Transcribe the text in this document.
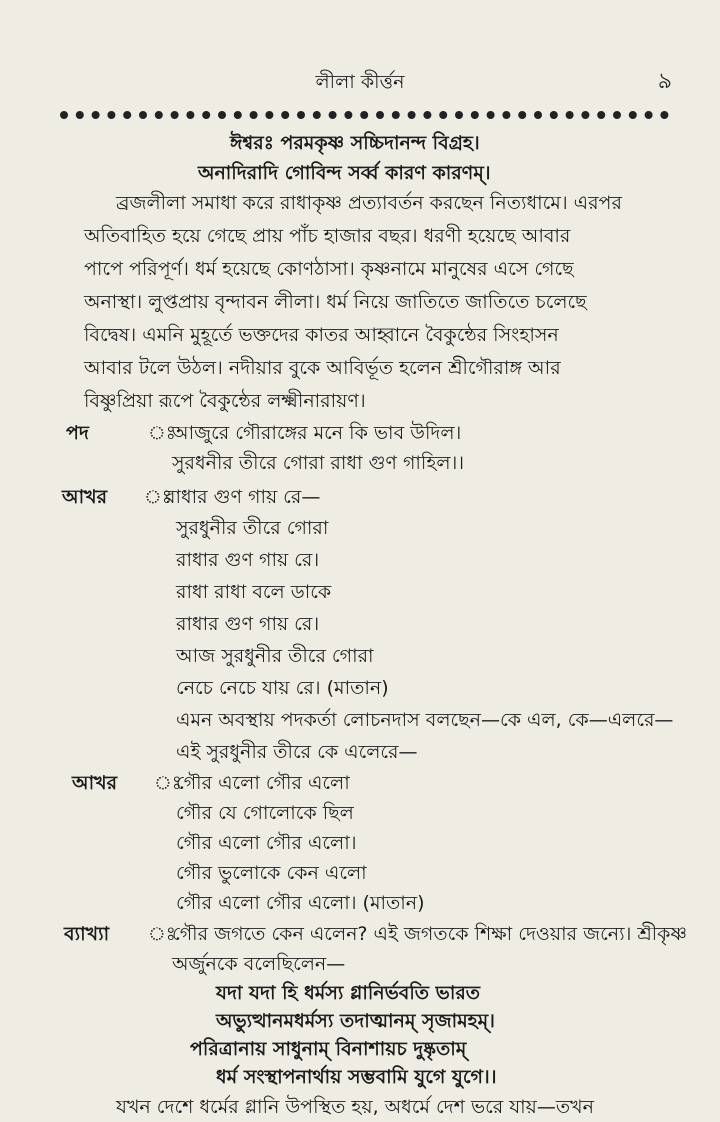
লীলা কীর্ত্তন	৯
ঈশ্বরঃ পরমকৃষ্ণ সচ্চিদানন্দ বিগ্রহ।
অনাদিরাদি গোবিন্দ সর্ব্ব কারণ কারণম্।
ব্রজলীলা সমাধা করে রাধাকৃষ্ণ প্রত্যাবর্তন করছেন নিত্যধামে। এরপর
অতিবাহিত হয়ে গেছে প্রায় পাঁচ হাজার বছর। ধরণী হয়েছে আবার
পাপে পরিপূর্ণ। ধর্ম হয়েছে কোণঠাসা। কৃষ্ণনামে মানুষের এসে গেছে
অনাস্থা। লুপ্তপ্রায় বৃন্দাবন লীলা। ধর্ম নিয়ে জাতিতে জাতিতে চলেছে
বিদ্বেষ। এমনি মুহূর্তে ভক্তদের কাতর আহ্বানে বৈকুন্ঠের সিংহাসন
আবার টলে উঠল। নদীয়ার বুকে আবির্ভূত হলেন শ্রীগৌরাঙ্গ আর
বিষ্ণুপ্রিয়া রূপে বৈকুন্ঠের লক্ষ্মীনারায়ণ।
পদ	ঃ
আজুরে গৌরাঙ্গের মনে কি ভাব উদিল।
সুরধনীর তীরে গোরা রাধা গুণ গাহিল।।
আখর ঃ
রাধার গুণ গায় রে—
সুরধুনীর তীরে গোরা
রাধার গুণ গায় রে।
রাধা রাধা বলে ডাকে
রাধার গুণ গায় রে।
আজ সুরধুনীর তীরে গোরা
নেচে নেচে যায় রে। (মাতান)
এমন অবস্থায় পদকর্তা লোচনদাস বলছেন—কে এল, কে—এলরে—
এই সুরধুনীর তীরে কে এলেরে—
আখর ঃ
গৌর এলো গৌর এলো
গৌর যে গোলোকে ছিল
গৌর এলো গৌর এলো।
গৌর ভুলোকে কেন এলো
গৌর এলো গৌর এলো। (মাতান)
ব্যাখ্যা ঃ
গৌর জগতে কেন এলেন? এই জগতকে শিক্ষা দেওয়ার জন্যে। শ্রীকৃষ্ণ
অর্জুনকে বলেছিলেন—
যদা যদা হি ধর্মস্য গ্লানির্ভবতি ভারত
অভ্যুত্থানমধর্মস্য তদাত্মানম্ সৃজামহম্।
পরিত্রানায় সাধুনাম্ বিনাশায়চ দুষ্কৃতাম্
ধর্ম সংস্থাপনার্থায় সম্ভবামি যুগে যুগে।।
যখন দেশে ধর্মের গ্লানি উপস্থিত হয়, অধর্মে দেশ ভরে যায়—তখন
